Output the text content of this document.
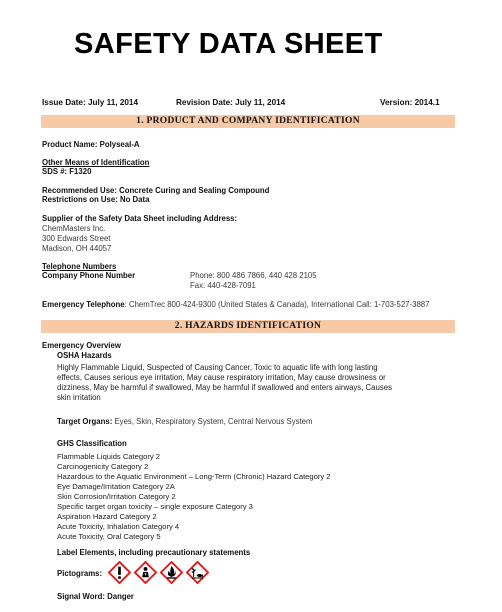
SAFETY DATA SHEET
Issue Date: July 11, 2014	Revision Date: July 11, 2014	Version: 2014.1
1. PRODUCT AND COMPANY IDENTIFICATION
Product Name: Polyseal-A
Other Means of Identification
SDS #: F1320
Recommended Use: Concrete Curing and Sealing Compound
Restrictions on Use: No Data
Supplier of the Safety Data Sheet including Address:
ChemMasters Inc.
300 Edwards Street
Madison, OH 44057
Telephone Numbers
Company Phone Number	Phone: 800 486 7866, 440 428 2105
Fax: 440-428-7091
Emergency Telephone: ChemTrec 800-424-9300 (United States & Canada), International Call: 1-703-527-3887
2. HAZARDS IDENTIFICATION
Emergency Overview
OSHA Hazards
Highly Flammable Liquid, Suspected of Causing Cancer, Toxic to aquatic life with long lasting effects, Causes serious eye irritation, May cause respiratory irritation, May cause drowsiness or dizziness, May be harmful if swallowed, May be harmful if swallowed and enters airways, Causes skin irritation
Target Organs: Eyes, Skin, Respiratory System, Central Nervous System
GHS Classification
Flammable Liquids Category 2
Carcinogenicity Category 2
Hazardous to the Aquatic Environment – Long-Term (Chronic) Hazard Category 2
Eye Damage/Irritation Category 2A
Skin Corrosion/Irritation Category 2
Specific target organ toxicity – single exposure Category 3
Aspiration Hazard Category 2
Acute Toxicity, Inhalation Category 4
Acute Toxicity, Oral Category 5
Label Elements, including precautionary statements
Pictograms:
Signal Word: Danger
